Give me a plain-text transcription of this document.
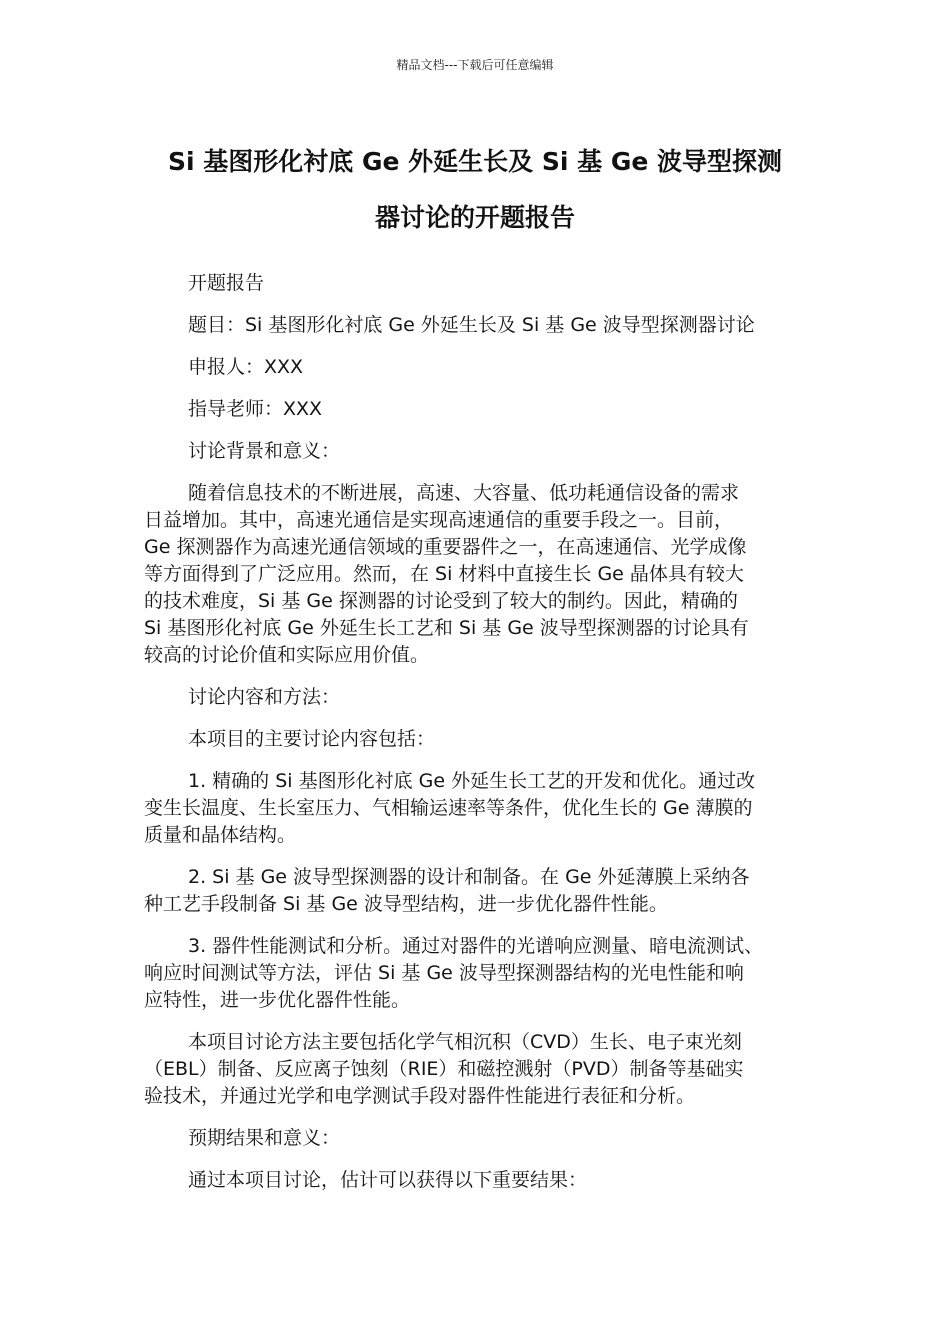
精品文档---下载后可任意编辑
Si 基图形化衬底 Ge 外延生长及 Si 基 Ge 波导型探测
器讨论的开题报告

开题报告

题目：Si 基图形化衬底 Ge 外延生长及 Si 基 Ge 波导型探测器讨论

申报人：XXX

指导老师：XXX

讨论背景和意义：

随着信息技术的不断进展，高速、大容量、低功耗通信设备的需求
日益增加。其中，高速光通信是实现高速通信的重要手段之一。目前，
Ge 探测器作为高速光通信领域的重要器件之一，在高速通信、光学成像
等方面得到了广泛应用。然而，在 Si 材料中直接生长 Ge 晶体具有较大
的技术难度，Si 基 Ge 探测器的讨论受到了较大的制约。因此，精确的
Si 基图形化衬底 Ge 外延生长工艺和 Si 基 Ge 波导型探测器的讨论具有
较高的讨论价值和实际应用价值。

讨论内容和方法：

本项目的主要讨论内容包括：

1. 精确的 Si 基图形化衬底 Ge 外延生长工艺的开发和优化。通过改
变生长温度、生长室压力、气相输运速率等条件，优化生长的 Ge 薄膜的
质量和晶体结构。

2. Si 基 Ge 波导型探测器的设计和制备。在 Ge 外延薄膜上采纳各
种工艺手段制备 Si 基 Ge 波导型结构，进一步优化器件性能。

3. 器件性能测试和分析。通过对器件的光谱响应测量、暗电流测试、
响应时间测试等方法，评估 Si 基 Ge 波导型探测器结构的光电性能和响
应特性，进一步优化器件性能。

本项目讨论方法主要包括化学气相沉积（CVD）生长、电子束光刻
（EBL）制备、反应离子蚀刻（RIE）和磁控溅射（PVD）制备等基础实
验技术，并通过光学和电学测试手段对器件性能进行表征和分析。

预期结果和意义：

通过本项目讨论，估计可以获得以下重要结果：
